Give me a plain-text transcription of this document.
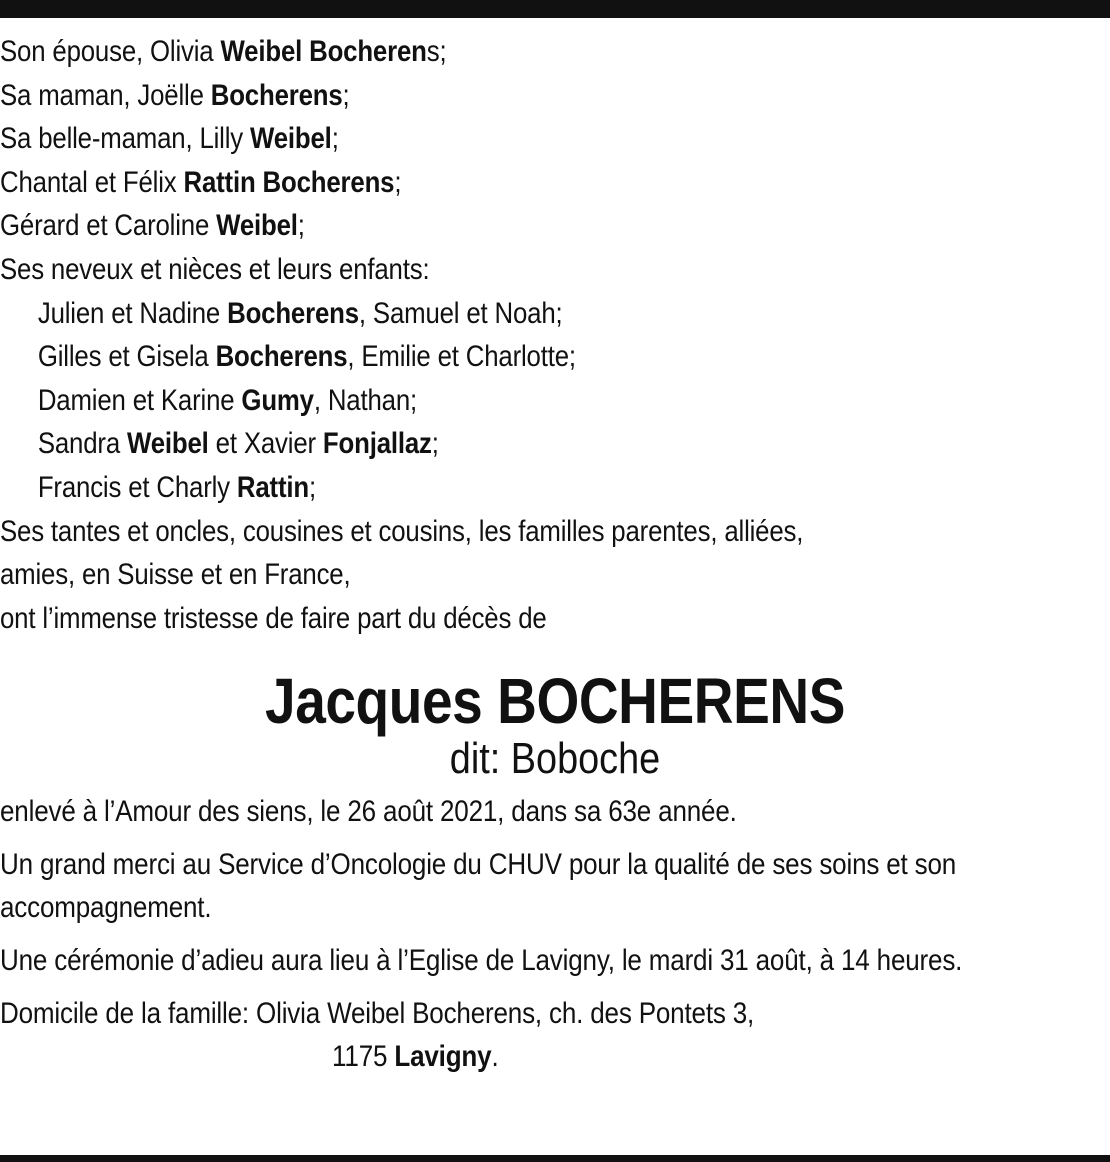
Son épouse, Olivia Weibel Bocherens;
Sa maman, Joëlle Bocherens;
Sa belle-maman, Lilly Weibel;
Chantal et Félix Rattin Bocherens;
Gérard et Caroline Weibel;
Ses neveux et nièces et leurs enfants:
Julien et Nadine Bocherens, Samuel et Noah;
Gilles et Gisela Bocherens, Emilie et Charlotte;
Damien et Karine Gumy, Nathan;
Sandra Weibel et Xavier Fonjallaz;
Francis et Charly Rattin;
Ses tantes et oncles, cousines et cousins, les familles parentes, alliées,
amies, en Suisse et en France,
ont l’immense tristesse de faire part du décès de
Jacques BOCHERENS
dit: Boboche
enlevé à l’Amour des siens, le 26 août 2021, dans sa 63e année.
Un grand merci au Service d’Oncologie du CHUV pour la qualité de ses soins et son accompagnement.
Une cérémonie d’adieu aura lieu à l’Eglise de Lavigny, le mardi 31 août, à 14 heures.
Domicile de la famille: Olivia Weibel Bocherens, ch. des Pontets 3,
1175 Lavigny.
